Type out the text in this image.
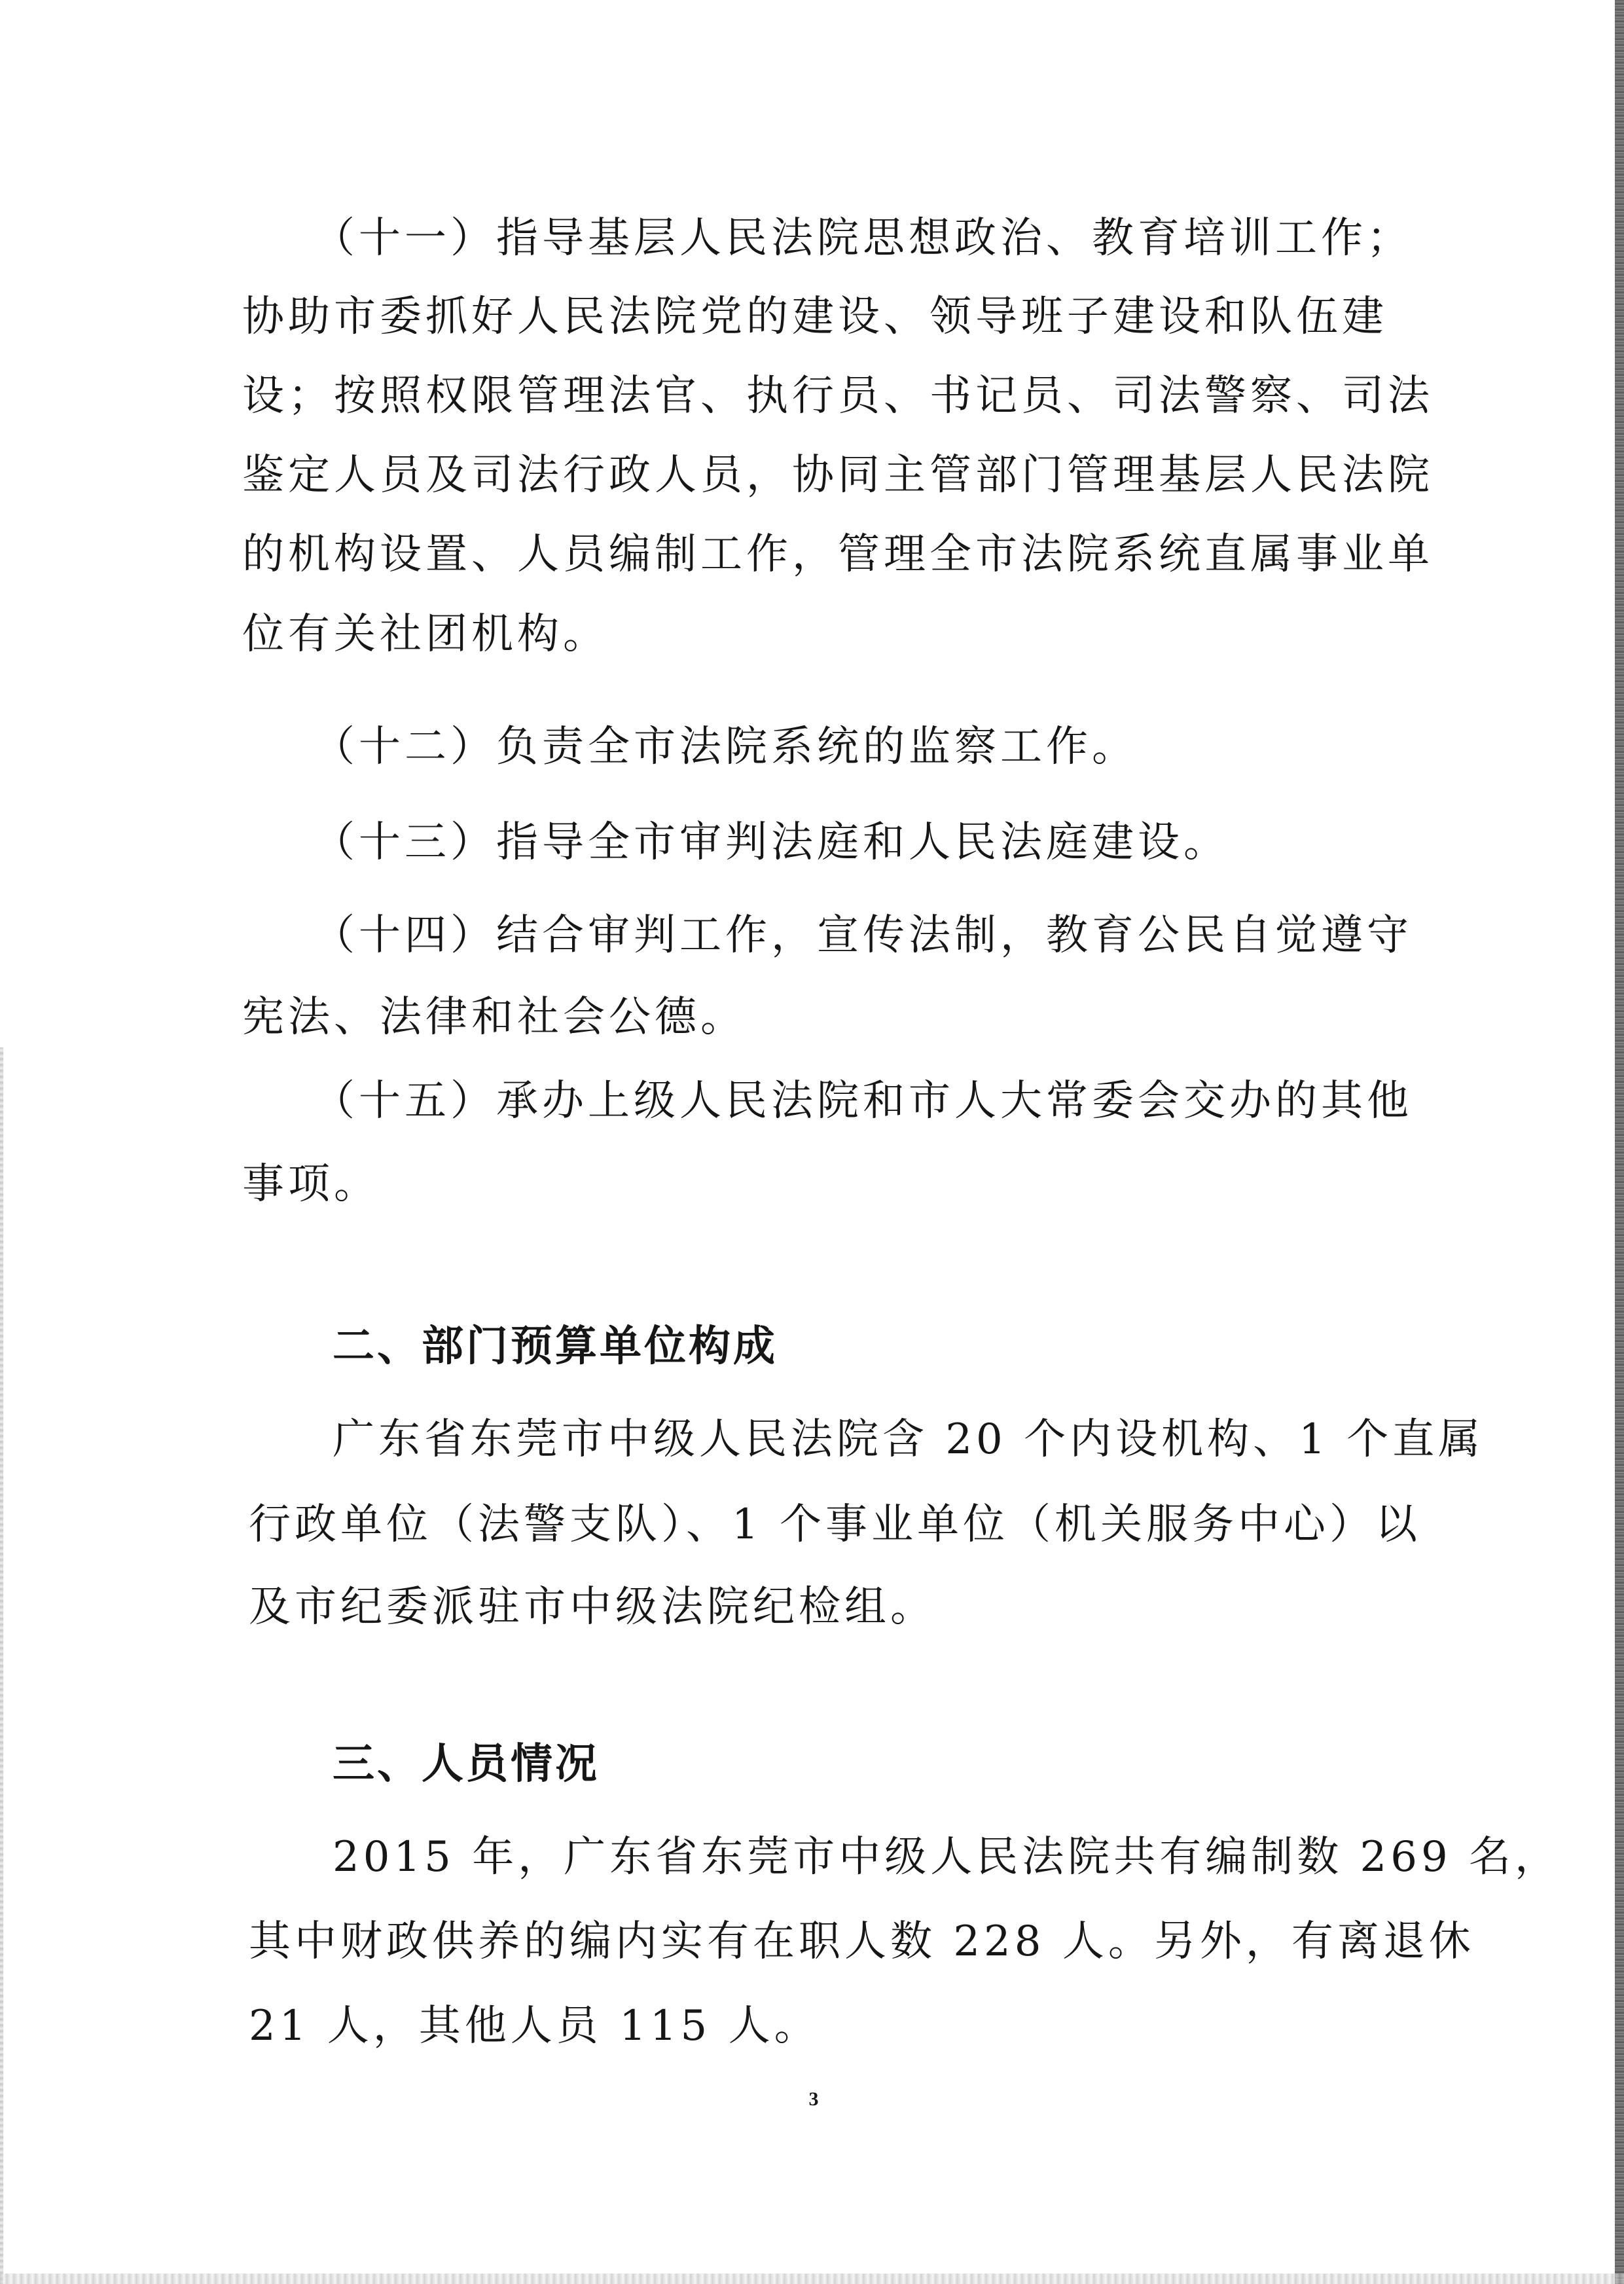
（十一）指导基层人民法院思想政治、教育培训工作；
协助市委抓好人民法院党的建设、领导班子建设和队伍建
设；按照权限管理法官、执行员、书记员、司法警察、司法
鉴定人员及司法行政人员，协同主管部门管理基层人民法院
的机构设置、人员编制工作，管理全市法院系统直属事业单
位有关社团机构。
（十二）负责全市法院系统的监察工作。
（十三）指导全市审判法庭和人民法庭建设。
（十四）结合审判工作，宣传法制，教育公民自觉遵守
宪法、法律和社会公德。
（十五）承办上级人民法院和市人大常委会交办的其他
事项。
二、部门预算单位构成
广东省东莞市中级人民法院含 20 个内设机构、1 个直属
行政单位（法警支队）、1 个事业单位（机关服务中心）以
及市纪委派驻市中级法院纪检组。
三、人员情况
2015 年，广东省东莞市中级人民法院共有编制数 269 名，
其中财政供养的编内实有在职人数 228 人。另外，有离退休
21 人，其他人员 115 人。
3
